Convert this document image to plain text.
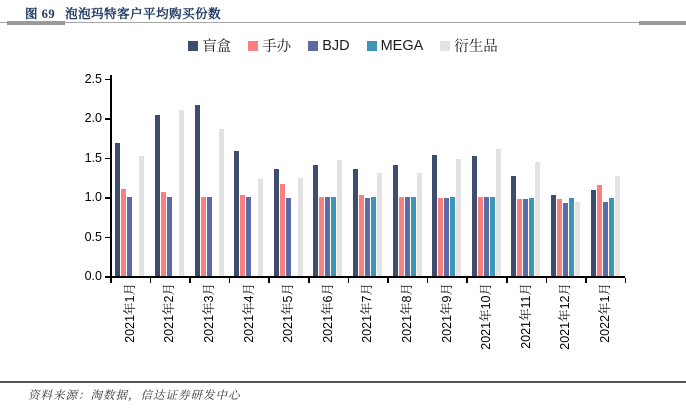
图 69 泡泡玛特客户平均购买份数
盲盒 手办 BJD MEGA 衍生品
0.0
0.5
1.0
1.5
2.0
2.5
2021年1月 2021年2月 2021年3月 2021年4月 2021年5月 2021年6月 2021年7月 2021年8月 2021年9月 2021年10月 2021年11月 2021年12月 2022年1月
资料来源：淘数据，信达证券研发中心
